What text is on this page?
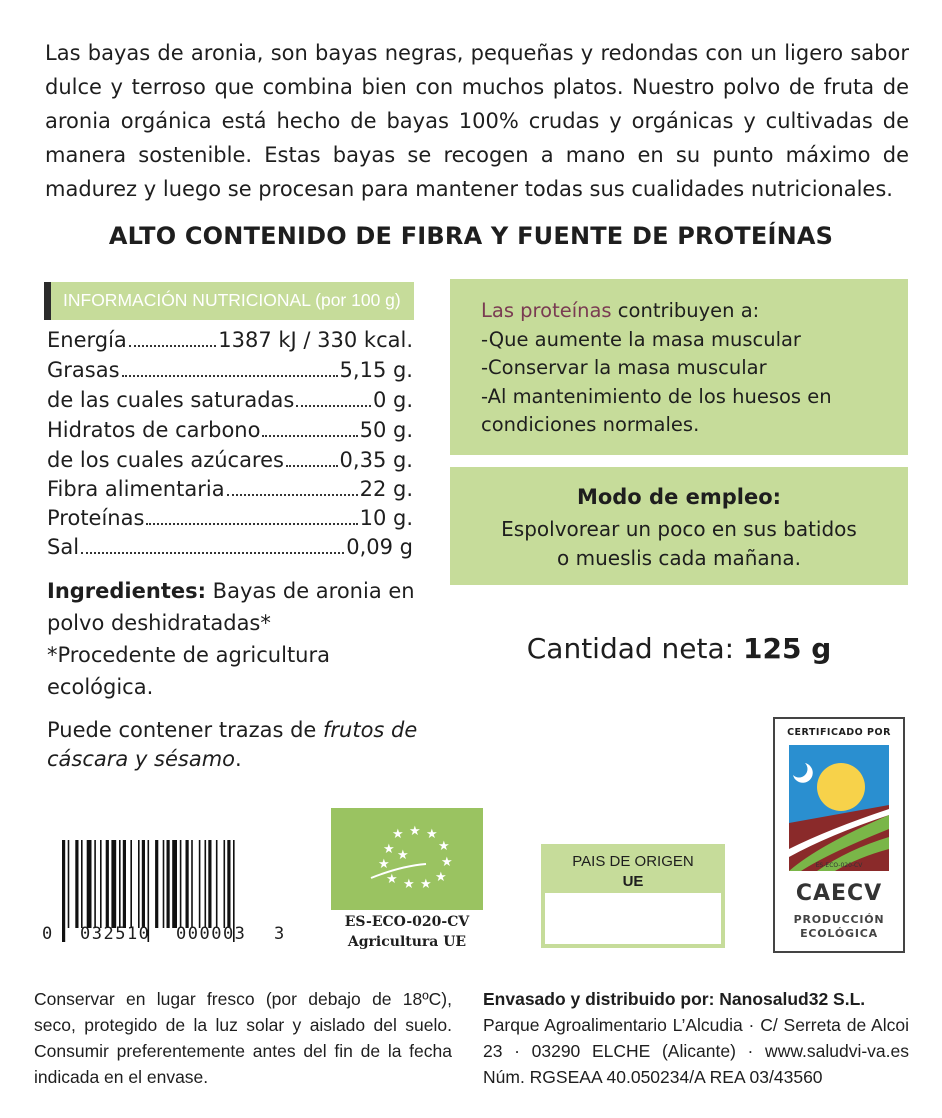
Las bayas de aronia, son bayas negras, pequeñas y redondas con un ligero sabor dulce y terroso que combina bien con muchos platos. Nuestro polvo de fruta de aronia orgánica está hecho de bayas 100% crudas y orgánicas y cultivadas de manera sostenible. Estas bayas se recogen a mano en su punto máximo de
madurez y luego se procesan para mantener todas sus cualidades nutricionales.
ALTO CONTENIDO DE FIBRA Y FUENTE DE PROTEÍNAS
INFORMACIÓN NUTRICIONAL (por 100 g)
Energía	1387 kJ / 330 kcal.
Grasas	5,15 g.
de las cuales saturadas	0 g.
Hidratos de carbono	50 g.
de los cuales azúcares	0,35 g.
Fibra alimentaria	22 g.
Proteínas	10 g.
Sal	0,09 g
Ingredientes: Bayas de aronia en polvo deshidratadas*
*Procedente de agricultura ecológica.
Puede contener trazas de frutos de cáscara y sésamo.
Las proteínas contribuyen a:
-Que aumente la masa muscular
-Conservar la masa muscular
-Al mantenimiento de los huesos en condiciones normales.
Modo de empleo:
Espolvorear un poco en sus batidos
o mueslis cada mañana.
Cantidad neta: 125 g
0 032510 000003 3
★ ★ ★
★
★
★
★
★
★
★
★ ★
ES-ECO-020-CV
Agricultura UE
PAIS DE ORIGEN
UE
CERTIFICADO POR
ES-ECO-020-CV
CAECV
PRODUCCIÓN
ECOLÓGICA
Conservar en lugar fresco (por debajo de 18ºC), seco, protegido de la luz solar y aislado del suelo. Consumir preferentemente antes del fin de la fecha indicada en el envase.
Envasado y distribuido por: Nanosalud32 S.L.
Parque Agroalimentario L’Alcudia · C/ Serreta de Alcoi 23 · 03290 ELCHE (Alicante) · www.saludvi-va.es Núm. RGSEAA 40.050234/A REA 03/43560
